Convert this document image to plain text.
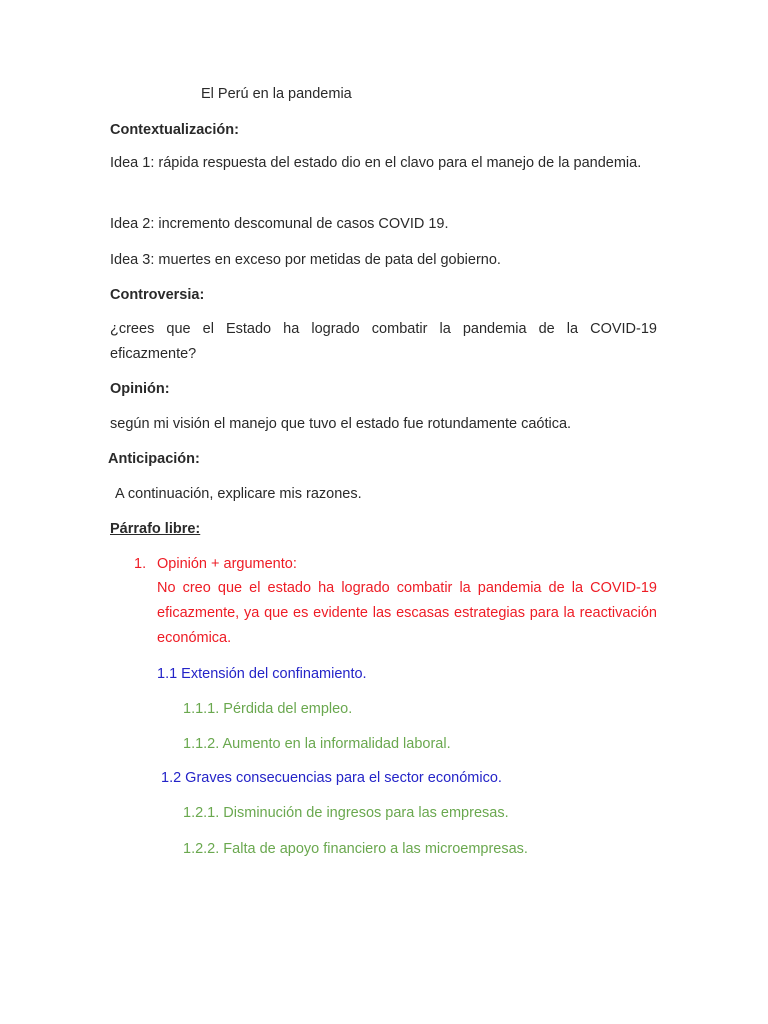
El Perú en la pandemia
Contextualización:
Idea 1: rápida respuesta del estado dio en el clavo para el manejo de la pandemia.
Idea 2: incremento descomunal de casos COVID 19.
Idea 3: muertes en exceso por metidas de pata del gobierno.
Controversia:
¿crees que el Estado ha logrado combatir la pandemia de la COVID-19 eficazmente?
Opinión:
según mi visión el manejo que tuvo el estado fue rotundamente caótica.
Anticipación:
A continuación, explicare mis razones.
Párrafo libre:
1. Opinión + argumento:
No creo que el estado ha logrado combatir la pandemia de la COVID-19 eficazmente, ya que es evidente las escasas estrategias para la reactivación económica.
1.1 Extensión del confinamiento.
1.1.1. Pérdida del empleo.
1.1.2. Aumento en la informalidad laboral.
1.2 Graves consecuencias para el sector económico.
1.2.1. Disminución de ingresos para las empresas.
1.2.2. Falta de apoyo financiero a las microempresas.
